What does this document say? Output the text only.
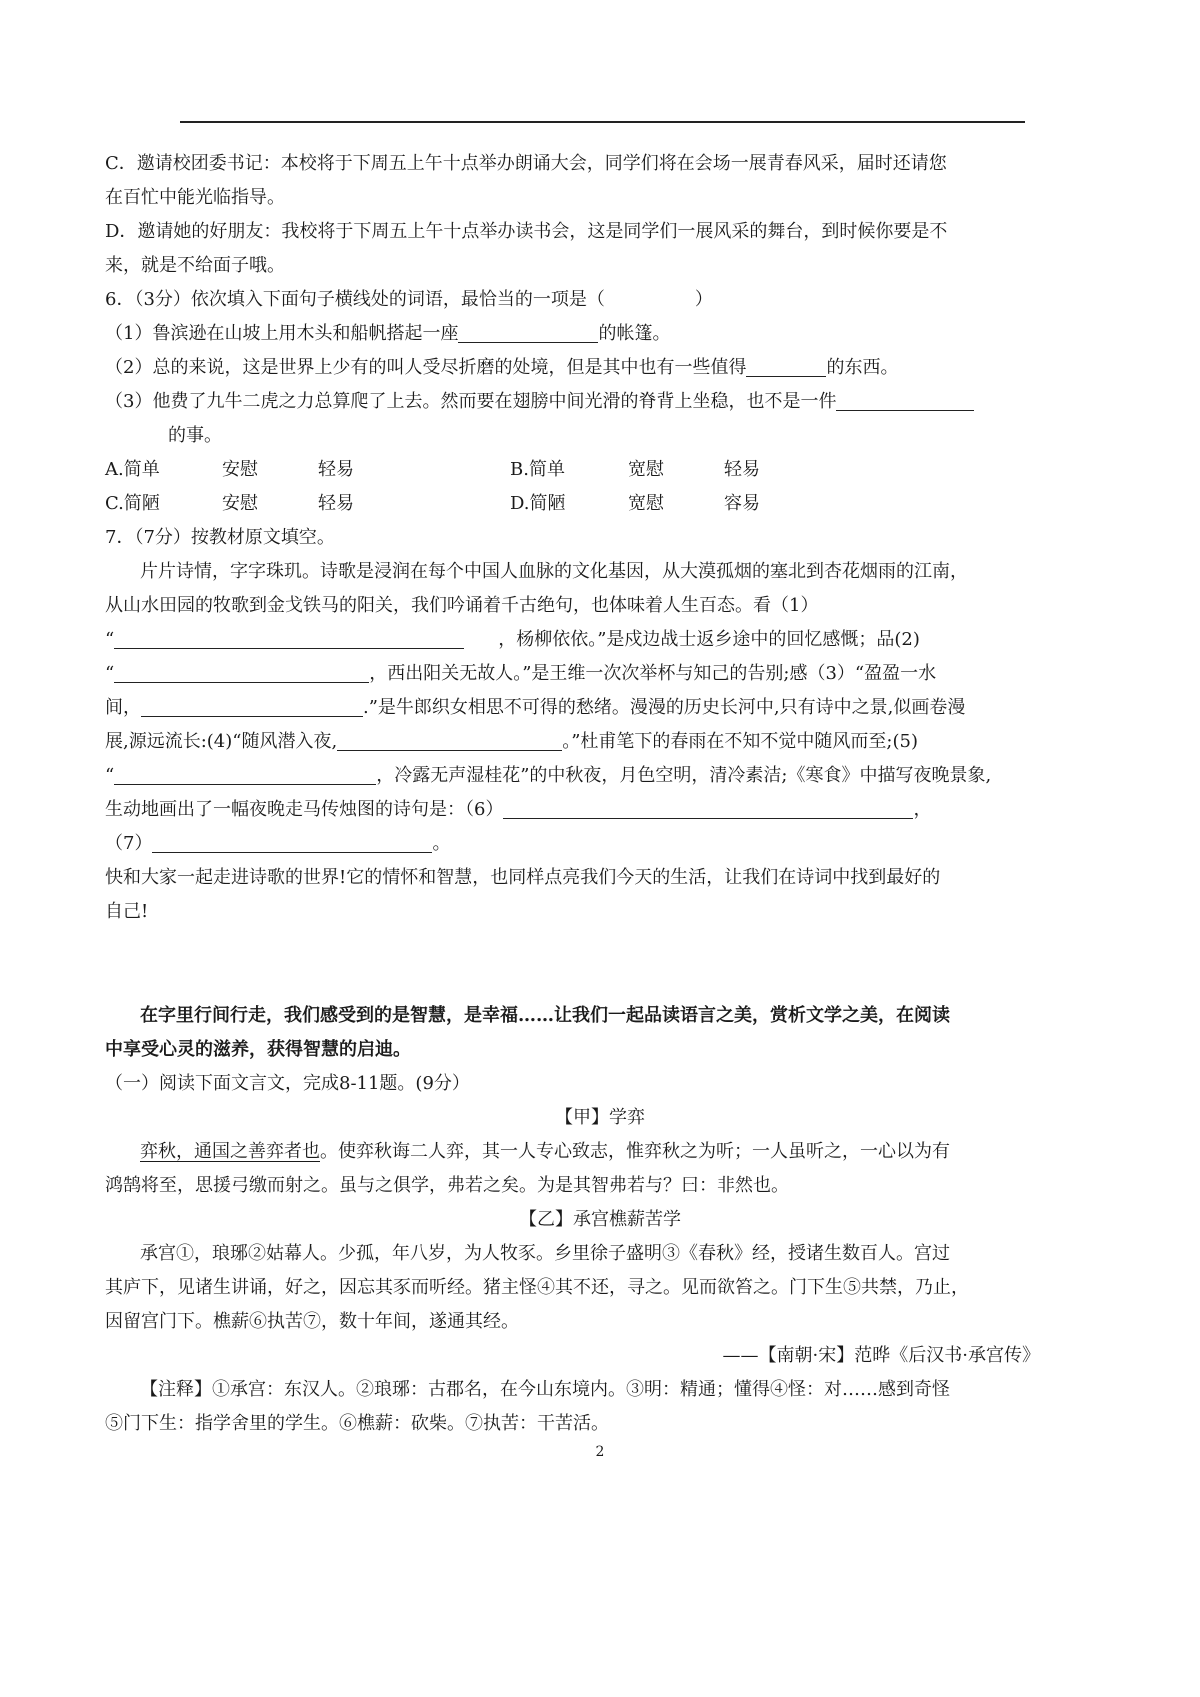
C．邀请校团委书记：本校将于下周五上午十点举办朗诵大会，同学们将在会场一展青春风采，届时还请您
在百忙中能光临指导。
D．邀请她的好朋友：我校将于下周五上午十点举办读书会，这是同学们一展风采的舞台，到时候你要是不
来，就是不给面子哦。
6．（3分）依次填入下面句子横线处的词语，最恰当的一项是（	）
（1）鲁滨逊在山坡上用木头和船帆搭起一座	的帐篷。
（2）总的来说，这是世界上少有的叫人受尽折磨的处境，但是其中也有一些值得	的东西。
（3）他费了九牛二虎之力总算爬了上去。然而要在翅膀中间光滑的脊背上坐稳，也不是一件
的事。
A.简单	安慰	轻易	B.简单	宽慰	轻易
C.简陋	安慰	轻易	D.简陋	宽慰	容易
7．（7分）按教材原文填空。
片片诗情，字字珠玑。诗歌是浸润在每个中国人血脉的文化基因，从大漠孤烟的塞北到杏花烟雨的江南，
从山水田园的牧歌到金戈铁马的阳关，我们吟诵着千古绝句，也体味着人生百态。看（1）
“	，杨柳依依。”是戍边战士返乡途中的回忆感慨；品(2)
“	，西出阳关无故人。”是王维一次次举杯与知己的告别;感（3）“盈盈一水
间，	.”是牛郎织女相思不可得的愁绪。漫漫的历史长河中,只有诗中之景,似画卷漫
展,源远流长:(4)“随风潜入夜,	。”杜甫笔下的春雨在不知不觉中随风而至;(5)
“	，冷露无声湿桂花”的中秋夜，月色空明，清冷素洁;《寒食》中描写夜晚景象,
生动地画出了一幅夜晚走马传烛图的诗句是：（6）	，
（7）	。
快和大家一起走进诗歌的世界!它的情怀和智慧，也同样点亮我们今天的生活，让我们在诗词中找到最好的
自己!
在字里行间行走，我们感受到的是智慧，是幸福……让我们一起品读语言之美，赏析文学之美，在阅读
中享受心灵的滋养，获得智慧的启迪。
（一）阅读下面文言文，完成8-11题。(9分）
【甲】学弈
弈秋，通国之善弈者也。使弈秋诲二人弈，其一人专心致志，惟弈秋之为听；一人虽听之，一心以为有
鸿鹄将至，思援弓缴而射之。虽与之俱学，弗若之矣。为是其智弗若与？曰：非然也。
【乙】承宫樵薪苦学
承宫①，琅琊②姑幕人。少孤，年八岁，为人牧豕。乡里徐子盛明③《春秋》经，授诸生数百人。宫过
其庐下，见诸生讲诵，好之，因忘其豕而听经。猪主怪④其不还，寻之。见而欲笞之。门下生⑤共禁，乃止，
因留宫门下。樵薪⑥执苦⑦，数十年间，遂通其经。
——【南朝·宋】范晔《后汉书·承宫传》
【注释】①承宫：东汉人。②琅琊：古郡名，在今山东境内。③明：精通；懂得④怪：对……感到奇怪
⑤门下生：指学舍里的学生。⑥樵薪：砍柴。⑦执苦：干苦活。
2
